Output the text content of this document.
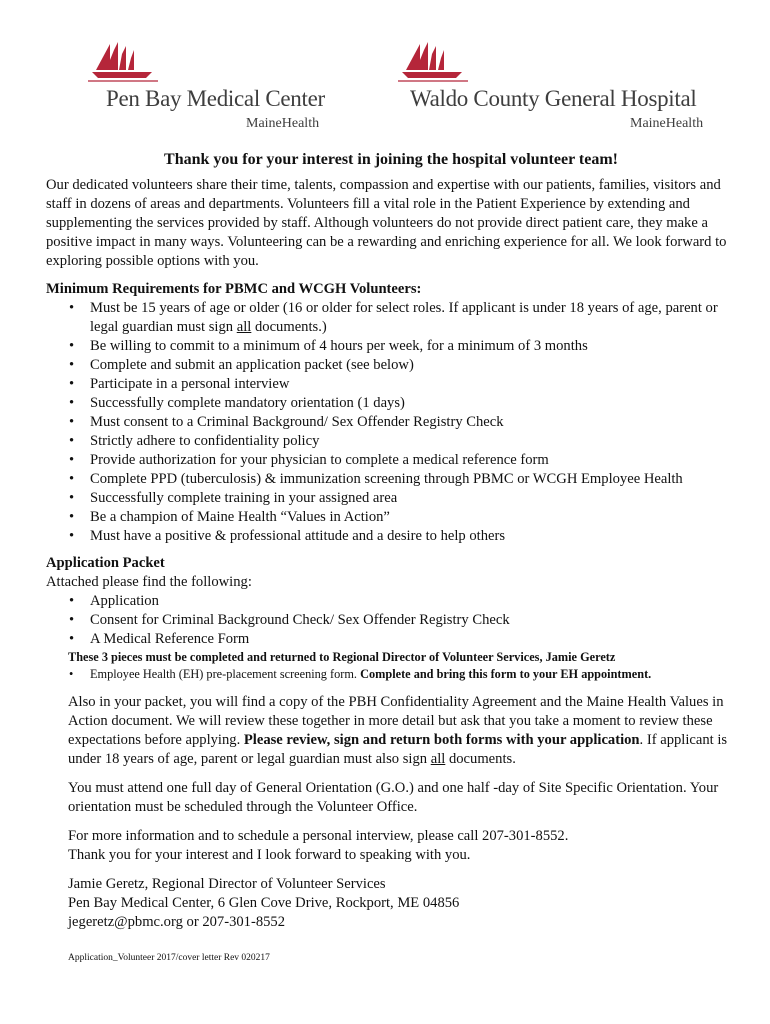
Pen Bay Medical Center
MaineHealth
Waldo County General Hospital
MaineHealth
Thank you for your interest in joining the hospital volunteer team!

Our dedicated volunteers share their time, talents, compassion and expertise with our patients, families, visitors and staff in dozens of areas and departments. Volunteers fill a vital role in the Patient Experience by extending and supplementing the services provided by staff. Although volunteers do not provide direct patient care, they make a positive impact in many ways. Volunteering can be a rewarding and enriching experience for all. We look forward to exploring possible options with you.

Minimum Requirements for PBMC and WCGH Volunteers:

• Must be 15 years of age or older (16 or older for select roles. If applicant is under 18 years of age, parent or legal guardian must sign all documents.)
• Be willing to commit to a minimum of 4 hours per week, for a minimum of 3 months
• Complete and submit an application packet (see below)
• Participate in a personal interview
• Successfully complete mandatory orientation (1 days)
• Must consent to a Criminal Background/ Sex Offender Registry Check
• Strictly adhere to confidentiality policy
• Provide authorization for your physician to complete a medical reference form
• Complete PPD (tuberculosis) & immunization screening through PBMC or WCGH Employee Health
• Successfully complete training in your assigned area
• Be a champion of Maine Health “Values in Action”
• Must have a positive & professional attitude and a desire to help others

Application Packet

Attached please find the following:

• Application
• Consent for Criminal Background Check/ Sex Offender Registry Check
• A Medical Reference Form

These 3 pieces must be completed and returned to Regional Director of Volunteer Services, Jamie Geretz

• Employee Health (EH) pre-placement screening form. Complete and bring this form to your EH appointment.

Also in your packet, you will find a copy of the PBH Confidentiality Agreement and the Maine Health Values in Action document. We will review these together in more detail but ask that you take a moment to review these expectations before applying. Please review, sign and return both forms with your application. If applicant is under 18 years of age, parent or legal guardian must also sign all documents.

You must attend one full day of General Orientation (G.O.) and one half -day of Site Specific Orientation. Your orientation must be scheduled through the Volunteer Office.

For more information and to schedule a personal interview, please call 207-301-8552.
Thank you for your interest and I look forward to speaking with you.
Jamie Geretz, Regional Director of Volunteer Services
Pen Bay Medical Center, 6 Glen Cove Drive, Rockport, ME 04856
jegeretz@pbmc.org or 207-301-8552
Application_Volunteer 2017/cover letter Rev 020217
